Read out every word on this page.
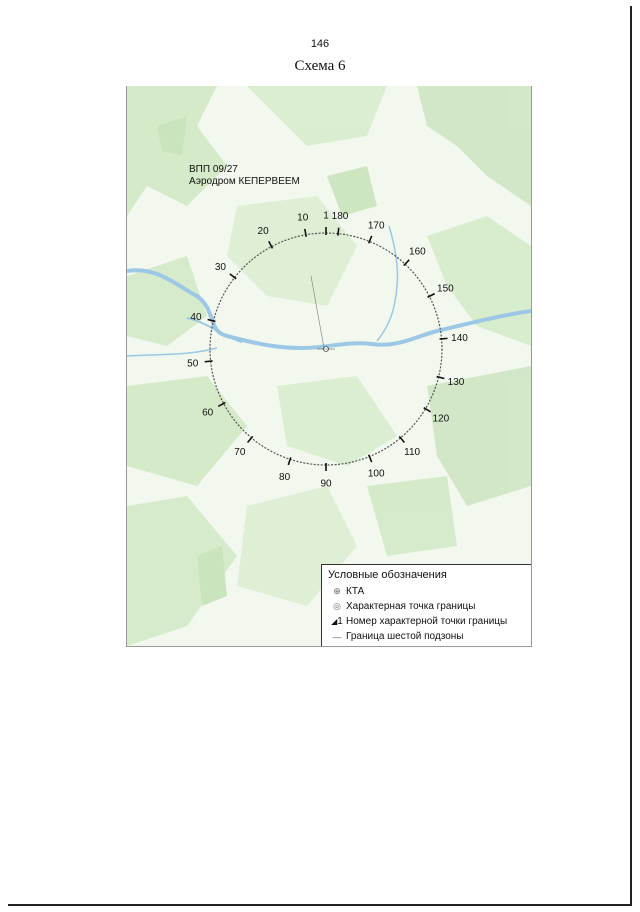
146
Схема 6
1
10
20
30
40
50
60
70
80
90
100
110
120
130
140
150
160
170
180
ВПП 09/27
Аэродром КЕПЕРВЕЕМ
Условные обозначения
⊕ КТА
◎ Характерная точка границы
◢ 1 Номер характерной точки границы
— Граница шестой подзоны
